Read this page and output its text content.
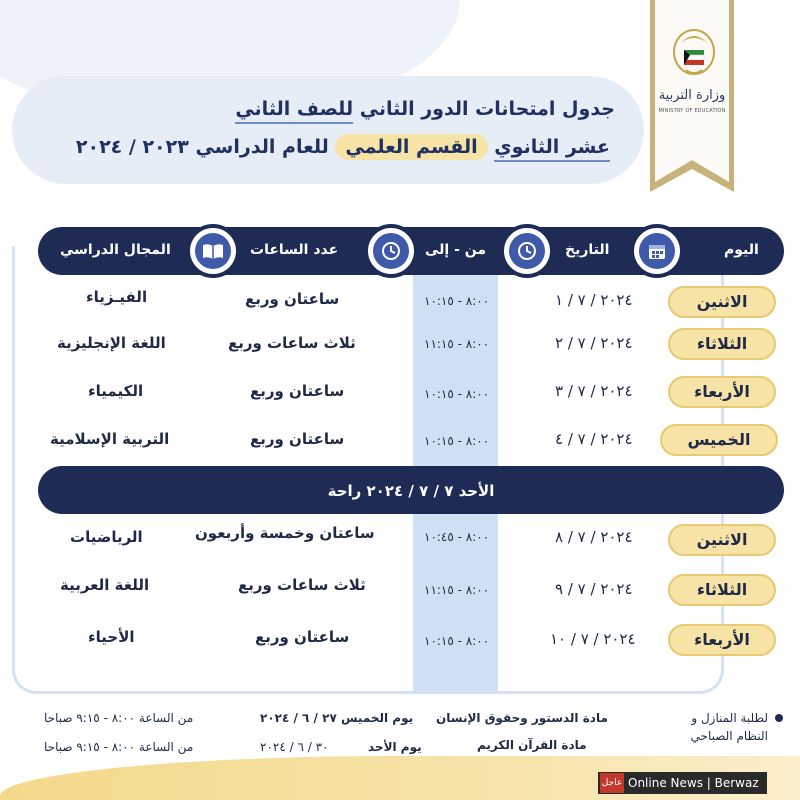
جدول امتحانات الدور الثاني للصف الثاني
عشر الثانوي القسم العلمي للعام الدراسي ٢٠٢٣ / ٢٠٢٤
وزارة التربية
MINISTRY OF EDUCATION
اليوم
التاريخ
من - إلى
عدد الساعات
المجال الدراسي
الاثنين
٢٠٢٤ / ٧ / ١
٨:٠٠ - ١٠:١٥
ساعتان وربع
الفيـزياء
الثلاثاء
٢٠٢٤ / ٧ / ٢
٨:٠٠ - ١١:١٥
ثلاث ساعات وربع
اللغة الإنجليزية
الأربعاء
٢٠٢٤ / ٧ / ٣
٨:٠٠ - ١٠:١٥
ساعتان وربع
الكيمياء
الخميس
٢٠٢٤ / ٧ / ٤
٨:٠٠ - ١٠:١٥
ساعتان وربع
التربية الإسلامية
الأحد ٧ / ٧ / ٢٠٢٤ راحة
الاثنين
٢٠٢٤ / ٧ / ٨
٨:٠٠ - ١٠:٤٥
ساعتان وخمسة وأربعون
الرياضيات
الثلاثاء
٢٠٢٤ / ٧ / ٩
٨:٠٠ - ١١:١٥
ثلاث ساعات وربع
اللغة العربية
الأربعاء
٢٠٢٤ / ٧ / ١٠
٨:٠٠ - ١٠:١٥
ساعتان وربع
الأحياء
لطلبة المنازل و النظام الصباحي
مادة الدستور وحقوق الإنسان
يوم الخميس ٢٧ / ٦ / ٢٠٢٤
من الساعة ٨:٠٠ - ٩:١٥ صباحا
مادة القرآن الكريم
يوم الأحد
٣٠ / ٦ / ٢٠٢٤
من الساعة ٨:٠٠ - ٩:١٥ صباحا
Online News | Berwaz
عاجل
